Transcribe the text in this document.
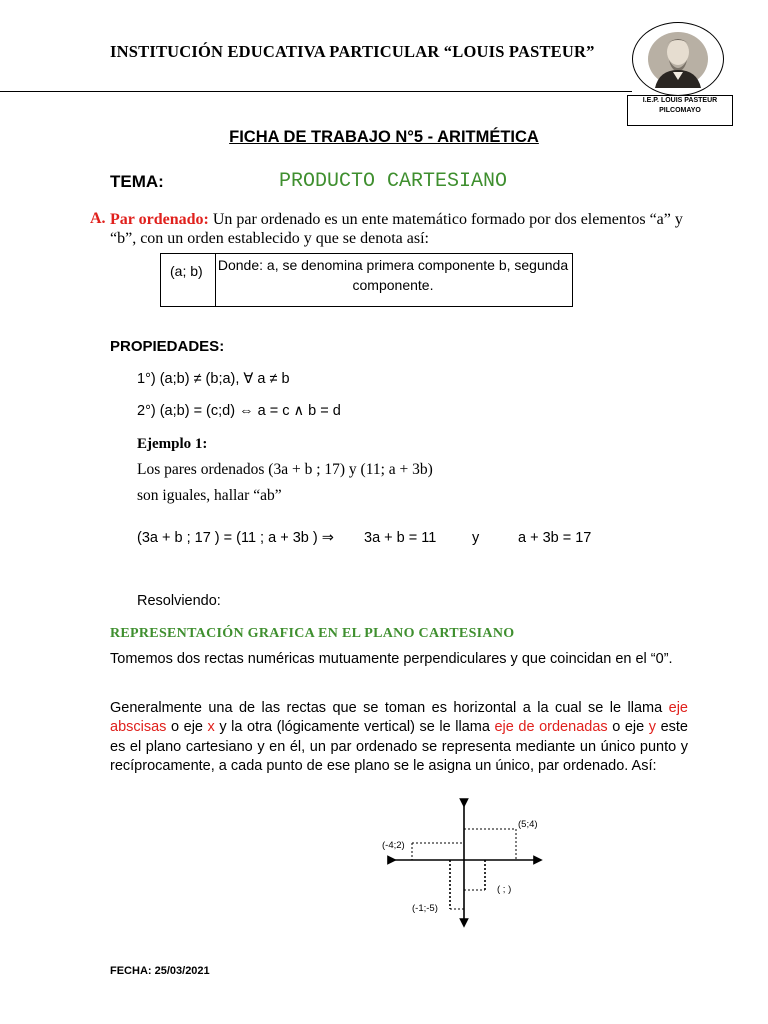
INSTITUCIÓN EDUCATIVA PARTICULAR “LOUIS PASTEUR”
I.E.P. LOUIS PASTEUR
PILCOMAYO
FICHA DE TRABAJO N°5 - ARITMÉTICA
TEMA:	PRODUCTO CARTESIANO
A. Par ordenado: Un par ordenado es un ente matemático formado por dos elementos “a” y “b”, con un orden establecido y que se denota así:
(a; b) Donde: a, se denomina primera componente b, segunda componente.
PROPIEDADES:
1°) (a;b) ≠ (b;a), ∀ a ≠ b
2°) (a;b) = (c;d) ⇔ a = c ∧ b = d
Ejemplo 1:
Los pares ordenados (3a + b ; 17) y (11; a + 3b)
son iguales, hallar “ab”
(3a + b ; 17 ) = (11 ; a + 3b ) ⇒ 3a + b = 11 y	a + 3b = 17
Resolviendo:
REPRESENTACIÓN GRAFICA EN EL PLANO CARTESIANO
Tomemos dos rectas numéricas mutuamente perpendiculares y que coincidan en el “0”.
Generalmente una de las rectas que se toman es horizontal a la cual se le llama eje abscisas o eje x y la otra (lógicamente vertical) se le llama eje de ordenadas o eje y este es el plano cartesiano y en él, un par ordenado se representa mediante un único punto y recíprocamente, a cada punto de ese plano se le asigna un único, par ordenado. Así:
(5;4)
(-4;2)
( ; )
(-1;-5)
FECHA: 25/03/2021
